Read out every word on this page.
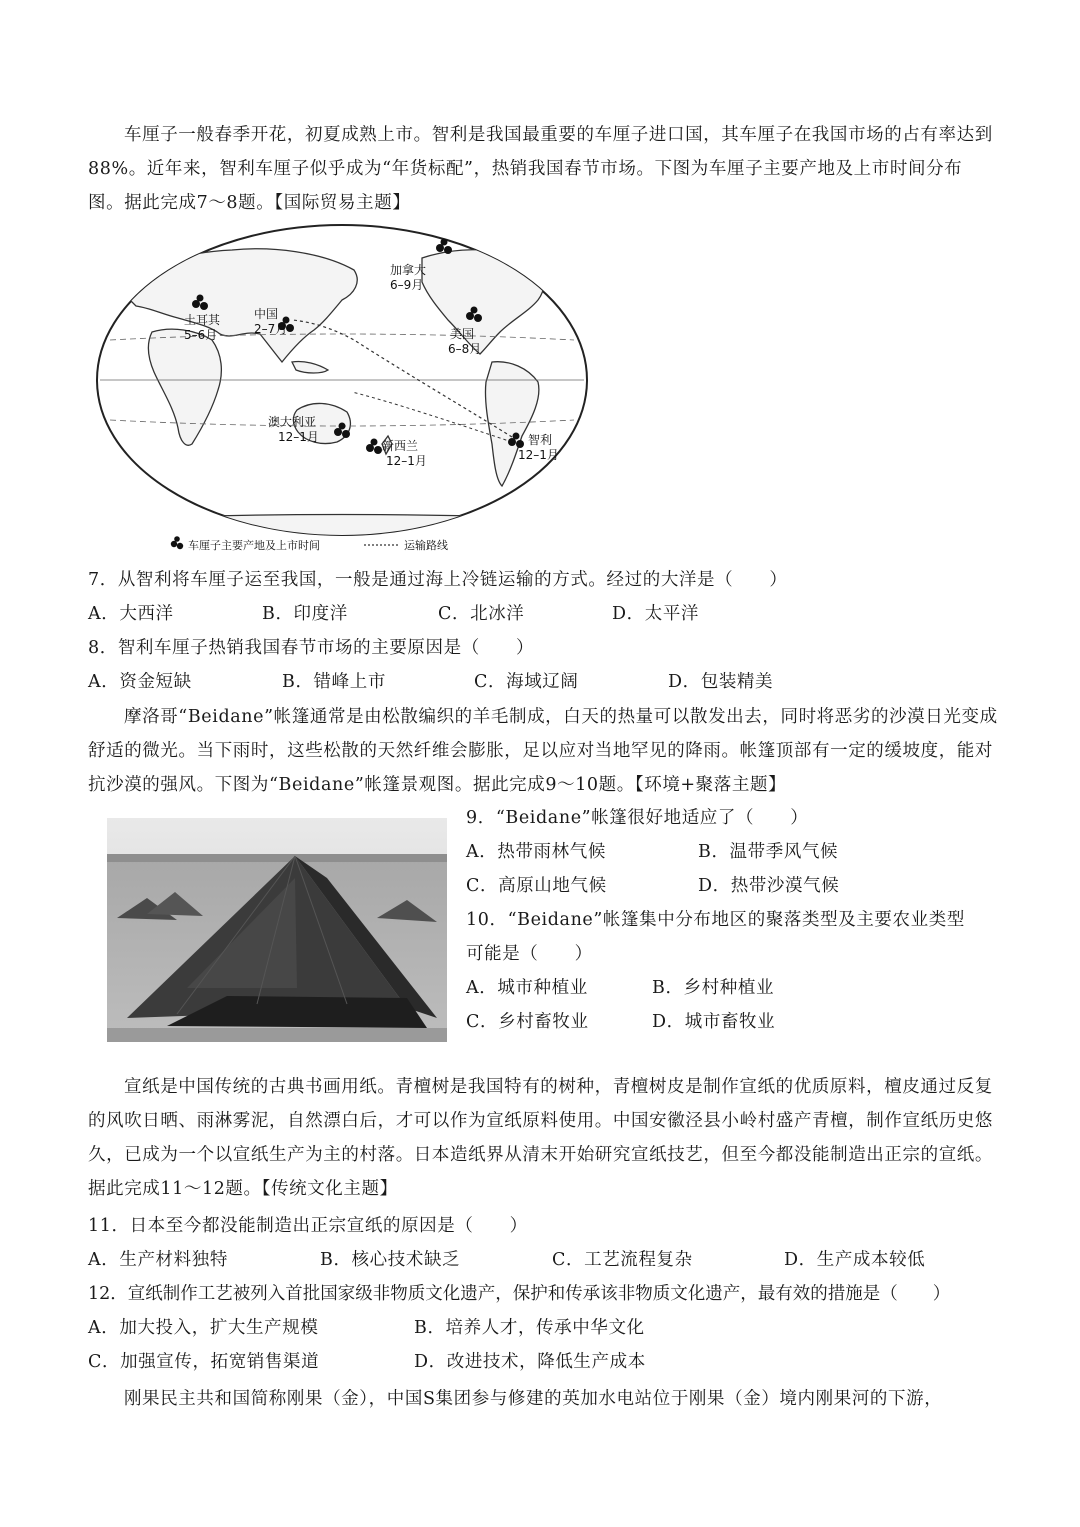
车厘子一般春季开花，初夏成熟上市。智利是我国最重要的车厘子进口国，其车厘子在我国市场的占有率达到88%。近年来，智利车厘子似乎成为“年货标配”，热销我国春节市场。下图为车厘子主要产地及上市时间分布图。据此完成7～8题。【国际贸易主题】

土耳其
5–6月
中国
2–7月
加拿大
6–9月
美国
6–8月
澳大利亚
12–1月
新西兰
12–1月
智利
12–1月
车厘子主要产地及上市时间	运输路线
7．从智利将车厘子运至我国，一般是通过海上冷链运输的方式。经过的大洋是（　　）
A．大西洋	B．印度洋	C．北冰洋	D．太平洋
8．智利车厘子热销我国春节市场的主要原因是（　　）
A．资金短缺	B．错峰上市	C．海域辽阔	D．包装精美

摩洛哥“Beidane”帐篷通常是由松散编织的羊毛制成，白天的热量可以散发出去，同时将恶劣的沙漠日光变成舒适的微光。当下雨时，这些松散的天然纤维会膨胀，足以应对当地罕见的降雨。帐篷顶部有一定的缓坡度，能对抗沙漠的强风。下图为“Beidane”帐篷景观图。据此完成9～10题。【环境+聚落主题】

9．“Beidane”帐篷很好地适应了（　　）
A．热带雨林气候	B．温带季风气候
C．高原山地气候	D．热带沙漠气候
10．“Beidane”帐篷集中分布地区的聚落类型及主要农业类型
可能是（　　）
A．城市种植业	B．乡村种植业
C．乡村畜牧业	D．城市畜牧业

宣纸是中国传统的古典书画用纸。青檀树是我国特有的树种，青檀树皮是制作宣纸的优质原料，檀皮通过反复的风吹日晒、雨淋雾泥，自然漂白后，才可以作为宣纸原料使用。中国安徽泾县小岭村盛产青檀，制作宣纸历史悠久，已成为一个以宣纸生产为主的村落。日本造纸界从清末开始研究宣纸技艺，但至今都没能制造出正宗的宣纸。据此完成11～12题。【传统文化主题】

11．日本至今都没能制造出正宗宣纸的原因是（　　）
A．生产材料独特	B．核心技术缺乏	C．工艺流程复杂	D．生产成本较低
12．宣纸制作工艺被列入首批国家级非物质文化遗产，保护和传承该非物质文化遗产，最有效的措施是（　　）
A．加大投入，扩大生产规模	B．培养人才，传承中华文化
C．加强宣传，拓宽销售渠道	D．改进技术，降低生产成本

刚果民主共和国简称刚果（金），中国S集团参与修建的英加水电站位于刚果（金）境内刚果河的下游，
